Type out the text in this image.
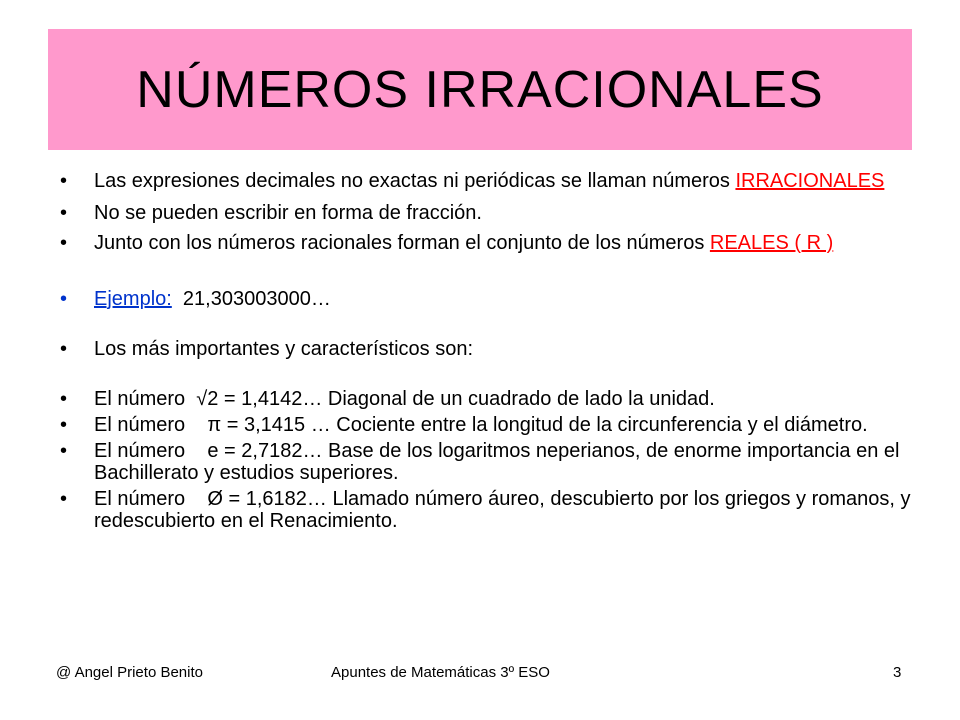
NÚMEROS IRRACIONALES
• Las expresiones decimales no exactas ni periódicas se llaman números IRRACIONALES
• No se pueden escribir en forma de fracción.
• Junto con los números racionales forman el conjunto de los números REALES ( R )
• Ejemplo:  21,303003000…
• Los más importantes y característicos son:
• El número  √2 = 1,4142… Diagonal de un cuadrado de lado la unidad.
• El número    π = 3,1415 … Cociente entre la longitud de la circunferencia y el diámetro.
• El número    e = 2,7182… Base de los logaritmos neperianos, de enorme importancia en el Bachillerato y estudios superiores.
• El número    Ø = 1,6182… Llamado número áureo, descubierto por los griegos y romanos, y redescubierto en el Renacimiento.
@ Angel Prieto Benito	Apuntes de Matemáticas 3º ESO	3
